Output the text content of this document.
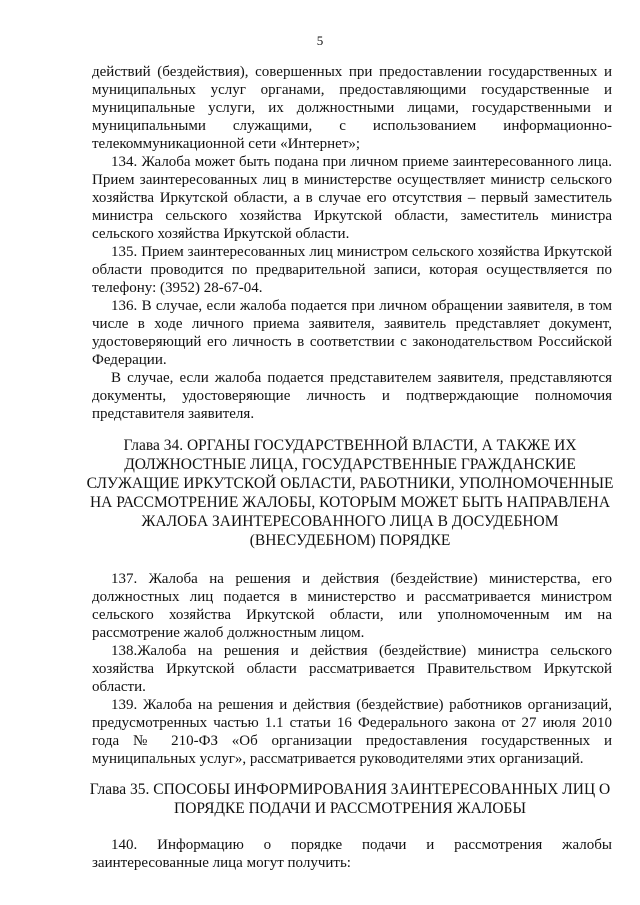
5
действий (бездействия), совершенных при предоставлении государственных и
муниципальных услуг органами, предоставляющими государственные и
муниципальные услуги, их должностными лицами, государственными и
муниципальными служащими, с использованием информационно-
телекоммуникационной сети «Интернет»;
134. Жалоба может быть подана при личном приеме заинтересованного лица.
Прием заинтересованных лиц в министерстве осуществляет министр сельского
хозяйства Иркутской области, а в случае его отсутствия – первый заместитель
министра сельского хозяйства Иркутской области, заместитель министра
сельского хозяйства Иркутской области.
135. Прием заинтересованных лиц министром сельского хозяйства Иркутской
области проводится по предварительной записи, которая осуществляется по
телефону: (3952) 28-67-04.
136. В случае, если жалоба подается при личном обращении заявителя, в том
числе в ходе личного приема заявителя, заявитель представляет документ,
удостоверяющий его личность в соответствии с законодательством Российской
Федерации.
В случае, если жалоба подается представителем заявителя, представляются
документы, удостоверяющие личность и подтверждающие полномочия
представителя заявителя.
Глава 34. ОРГАНЫ ГОСУДАРСТВЕННОЙ ВЛАСТИ, А ТАКЖЕ ИХ
ДОЛЖНОСТНЫЕ ЛИЦА, ГОСУДАРСТВЕННЫЕ ГРАЖДАНСКИЕ
СЛУЖАЩИЕ ИРКУТСКОЙ ОБЛАСТИ, РАБОТНИКИ, УПОЛНОМОЧЕННЫЕ
НА РАССМОТРЕНИЕ ЖАЛОБЫ, КОТОРЫМ МОЖЕТ БЫТЬ НАПРАВЛЕНА
ЖАЛОБА ЗАИНТЕРЕСОВАННОГО ЛИЦА В ДОСУДЕБНОМ
(ВНЕСУДЕБНОМ) ПОРЯДКЕ
137. Жалоба на решения и действия (бездействие) министерства, его
должностных лиц подается в министерство и рассматривается министром
сельского хозяйства Иркутской области, или уполномоченным им на
рассмотрение жалоб должностным лицом.
138.Жалоба на решения и действия (бездействие) министра сельского
хозяйства Иркутской области рассматривается Правительством Иркутской
области.
139. Жалоба на решения и действия (бездействие) работников организаций,
предусмотренных частью 1.1 статьи 16 Федерального закона от 27 июля 2010
года № 210-ФЗ «Об организации предоставления государственных и
муниципальных услуг», рассматривается руководителями этих организаций.
Глава 35. СПОСОБЫ ИНФОРМИРОВАНИЯ ЗАИНТЕРЕСОВАННЫХ ЛИЦ О
ПОРЯДКЕ ПОДАЧИ И РАССМОТРЕНИЯ ЖАЛОБЫ
140. Информацию о порядке подачи и рассмотрения жалобы
заинтересованные лица могут получить:
